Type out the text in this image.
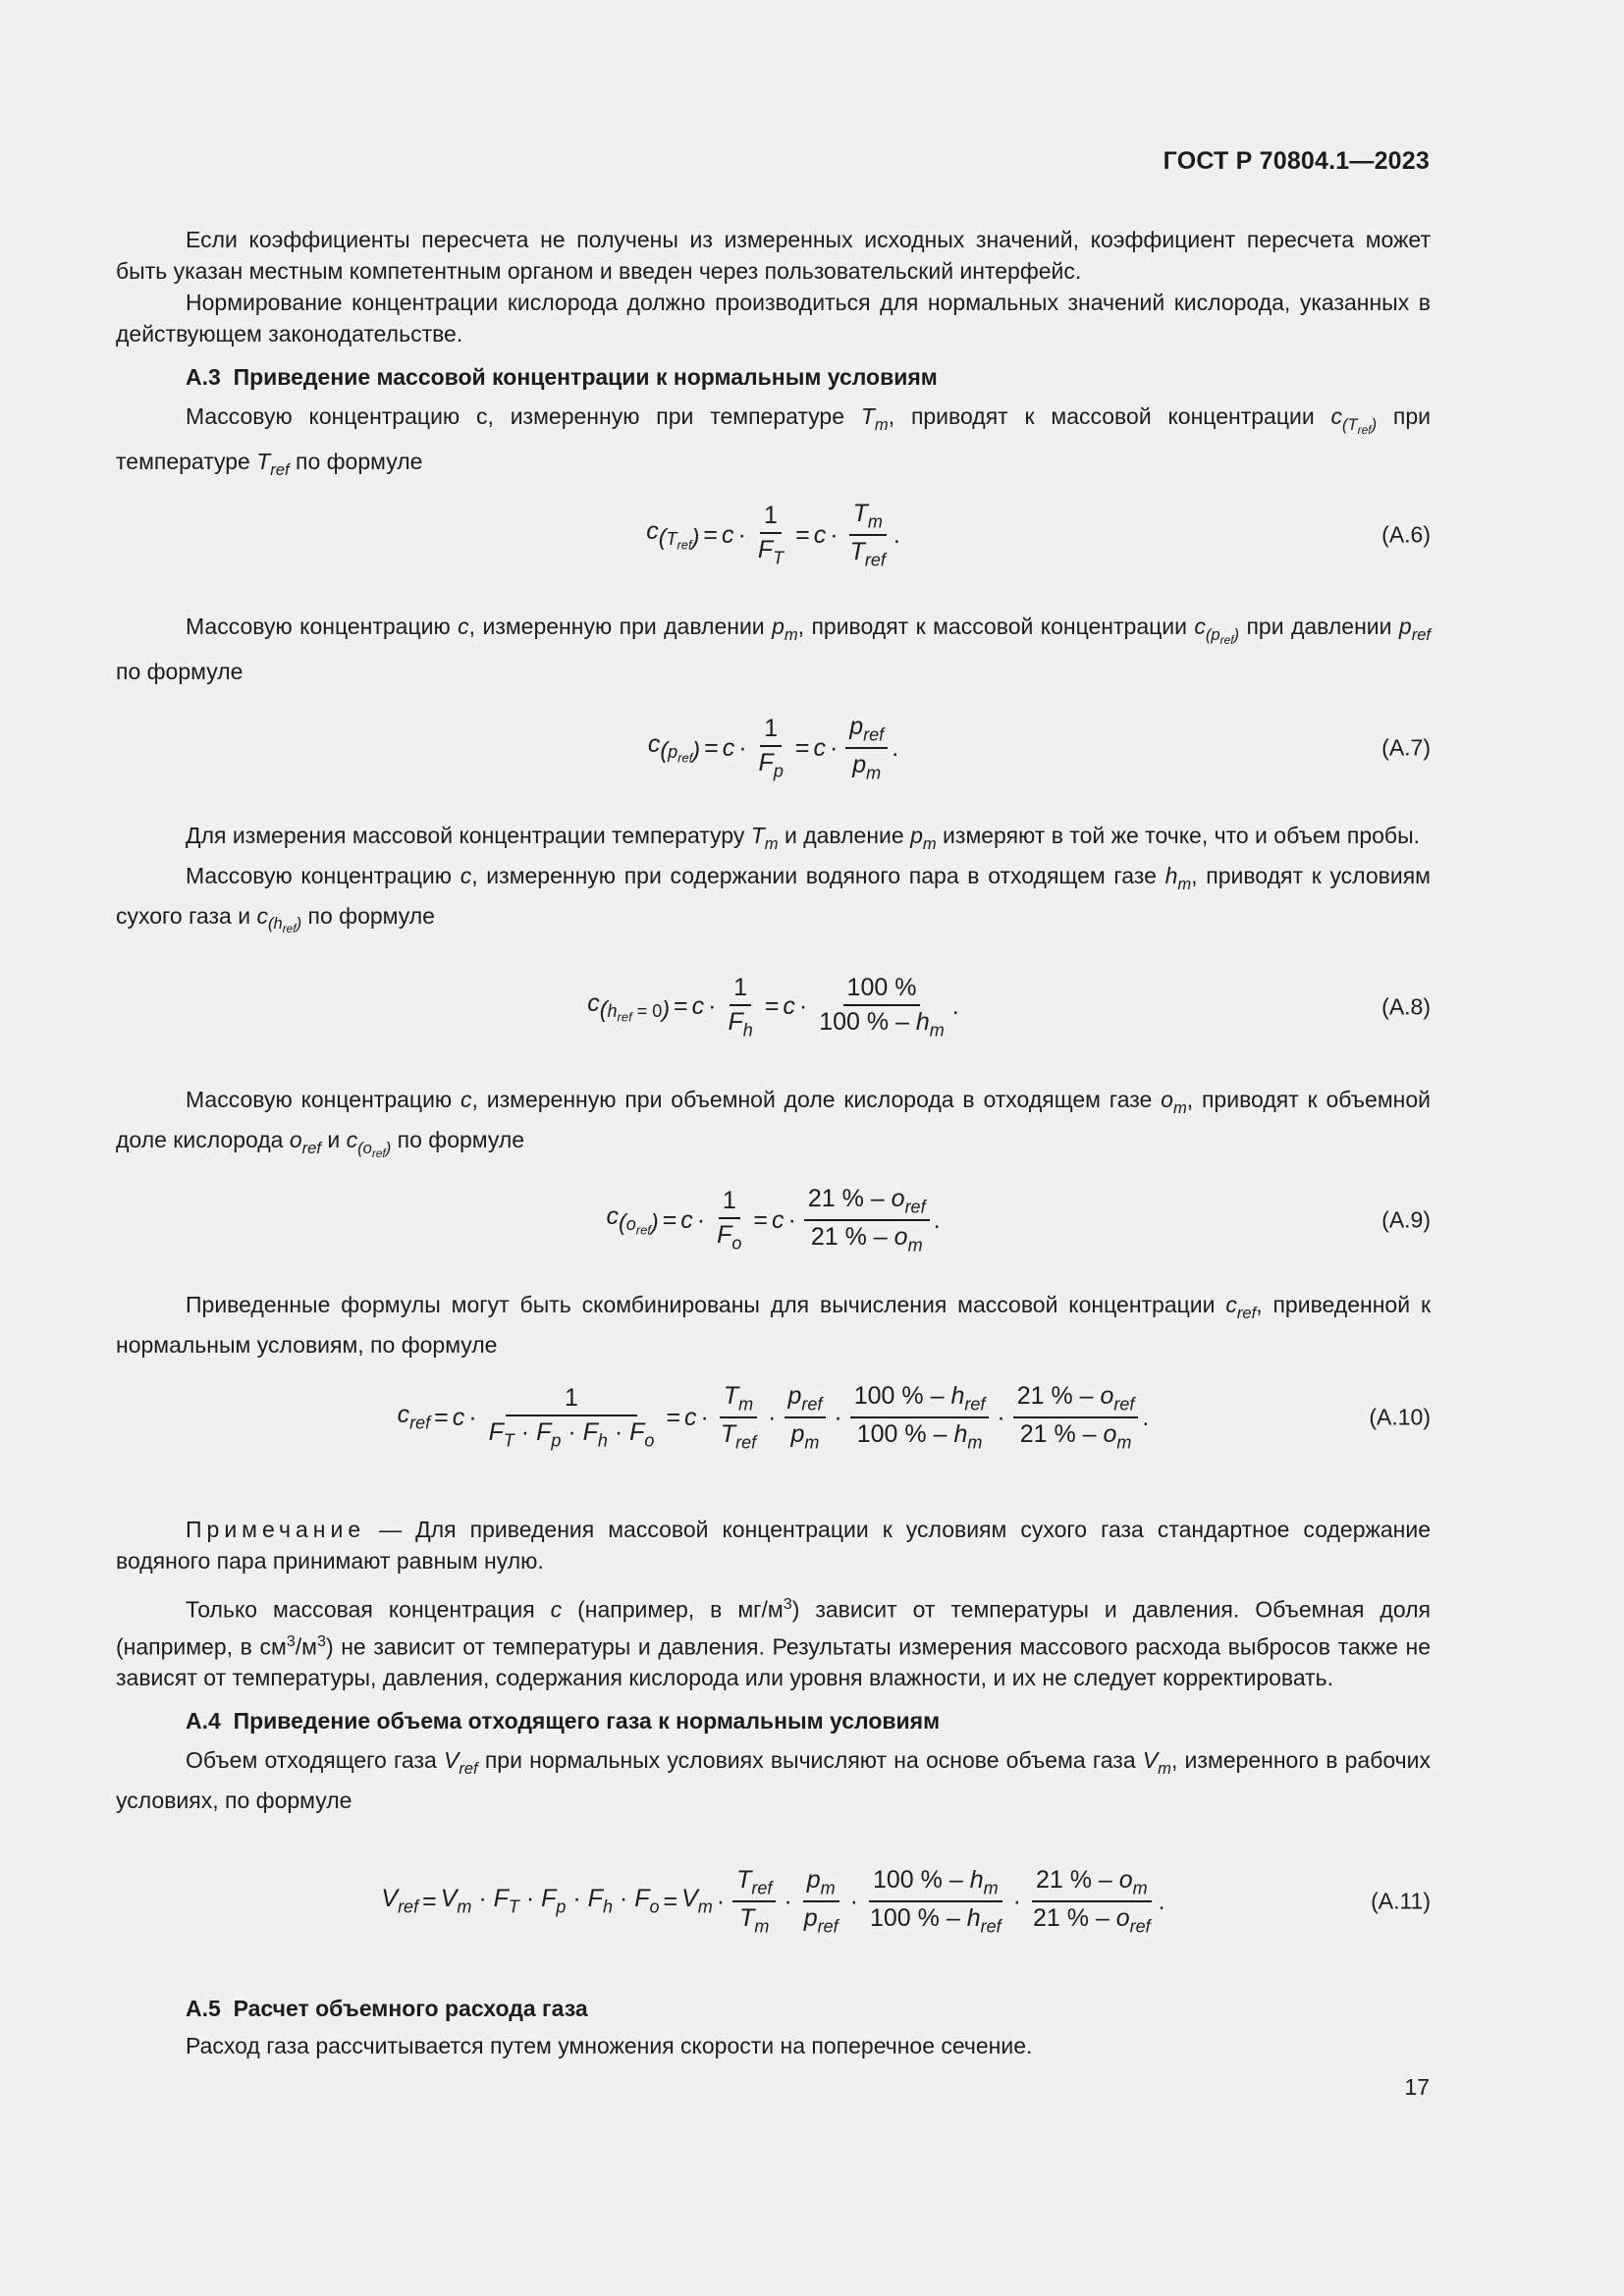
ГОСТ Р 70804.1—2023

Если коэффициенты пересчета не получены из измеренных исходных значений, коэффициент пересчета может быть указан местным компетентным органом и введен через пользовательский интерфейс.

Нормирование концентрации кислорода должно производиться для нормальных значений кислорода, указанных в действующем законодательстве.

А.3 Приведение массовой концентрации к нормальным условиям

Массовую концентрацию с, измеренную при температуре $T_m$, приводят к массовой концентрации $c_{(T_{ref})}$ при температуре $T_{ref}$ по формуле

$c_{(T_{ref})} = c \cdot \frac{1}{F_T} = c \cdot \frac{T_m}{T_{ref}}$ .	(А.6)

Массовую концентрацию c, измеренную при давлении $p_m$, приводят к массовой концентрации $c_{(p_{ref})}$ при давлении $p_{ref}$ по формуле

$c_{(p_{ref})} = c \cdot \frac{1}{F_p} = c \cdot \frac{p_{ref}}{p_m}$ .	(А.7)

Для измерения массовой концентрации температуру $T_m$ и давление $p_m$ измеряют в той же точке, что и объем пробы.

Массовую концентрацию c, измеренную при содержании водяного пара в отходящем газе $h_m$, приводят к условиям сухого газа и $c_{(h_{ref})}$ по формуле

$c_{(h_{ref} = 0)} = c \cdot \frac{1}{F_h} = c \cdot \frac{100 \%}{100 \% - h_m}$ .	(А.8)

Массовую концентрацию c, измеренную при объемной доле кислорода в отходящем газе $o_m$, приводят к объемной доле кислорода $o_{ref}$ и $c_{(o_{ref})}$ по формуле

$c_{(o_{ref})} = c \cdot \frac{1}{F_o} = c \cdot \frac{21 \% - o_{ref}}{21 \% - o_m}$ .	(А.9)

Приведенные формулы могут быть скомбинированы для вычисления массовой концентрации $c_{ref}$, приведенной к нормальным условиям, по формуле

$c_{ref} = c \cdot \frac{1}{F_T \cdot F_p \cdot F_h \cdot F_o} = c \cdot \frac{T_m}{T_{ref}} \cdot \frac{p_{ref}}{p_m} \cdot \frac{100 \% - h_{ref}}{100 \% - h_m} \cdot \frac{21 \% - o_{ref}}{21 \% - o_m}$ .	(А.10)

Примечание — Для приведения массовой концентрации к условиям сухого газа стандартное содержание водяного пара принимают равным нулю.

Только массовая концентрация c (например, в $мг/м^3$) зависит от температуры и давления. Объемная доля (например, в $см^3/м^3$) не зависит от температуры и давления. Результаты измерения массового расхода выбросов также не зависят от температуры, давления, содержания кислорода или уровня влажности, и их не следует корректировать.

А.4 Приведение объема отходящего газа к нормальным условиям

Объем отходящего газа $V_{ref}$ при нормальных условиях вычисляют на основе объема газа $V_m$, измеренного в рабочих условиях, по формуле

$V_{ref} = V_m \cdot F_T \cdot F_p \cdot F_h \cdot F_o = V_m \cdot \frac{T_{ref}}{T_m} \cdot \frac{p_m}{p_{ref}} \cdot \frac{100 \% - h_m}{100 \% - h_{ref}} \cdot \frac{21 \% - o_m}{21 \% - o_{ref}}$ .	(А.11)

А.5 Расчет объемного расхода газа

Расход газа рассчитывается путем умножения скорости на поперечное сечение.

17
